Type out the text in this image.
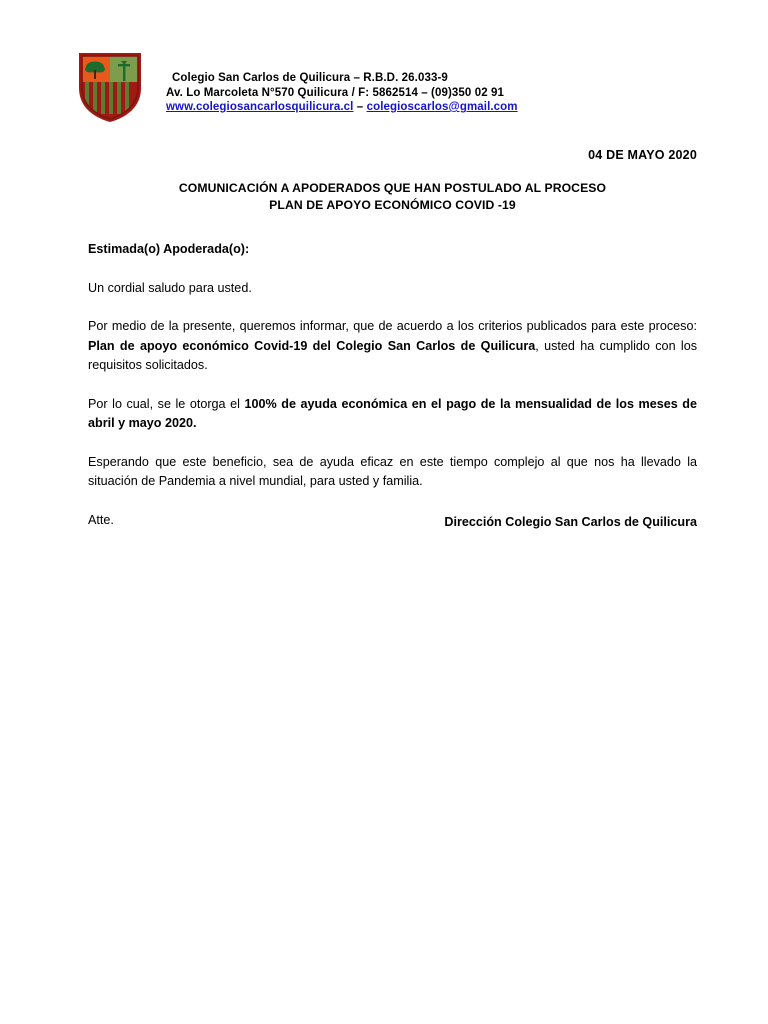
Colegio San Carlos de Quilicura – R.B.D. 26.033-9
Av. Lo Marcoleta N°570 Quilicura / F: 5862514 – (09)350 02 91
www.colegiosancarlosquilicura.cl – colegioscarlos@gmail.com
04 DE MAYO 2020
COMUNICACIÓN A APODERADOS QUE HAN POSTULADO AL PROCESO
PLAN DE APOYO ECONÓMICO COVID -19

Estimada(o) Apoderada(o):

Un cordial saludo para usted.

Por medio de la presente, queremos informar, que de acuerdo a los criterios publicados para este proceso: Plan de apoyo económico Covid-19 del Colegio San Carlos de Quilicura, usted ha cumplido con los requisitos solicitados.

Por lo cual, se le otorga el 100% de ayuda económica en el pago de la mensualidad de los meses de abril y mayo 2020.

Esperando que este beneficio, sea de ayuda eficaz en este tiempo complejo al que nos ha llevado la situación de Pandemia a nivel mundial, para usted y familia.

Atte.	Dirección Colegio San Carlos de Quilicura
